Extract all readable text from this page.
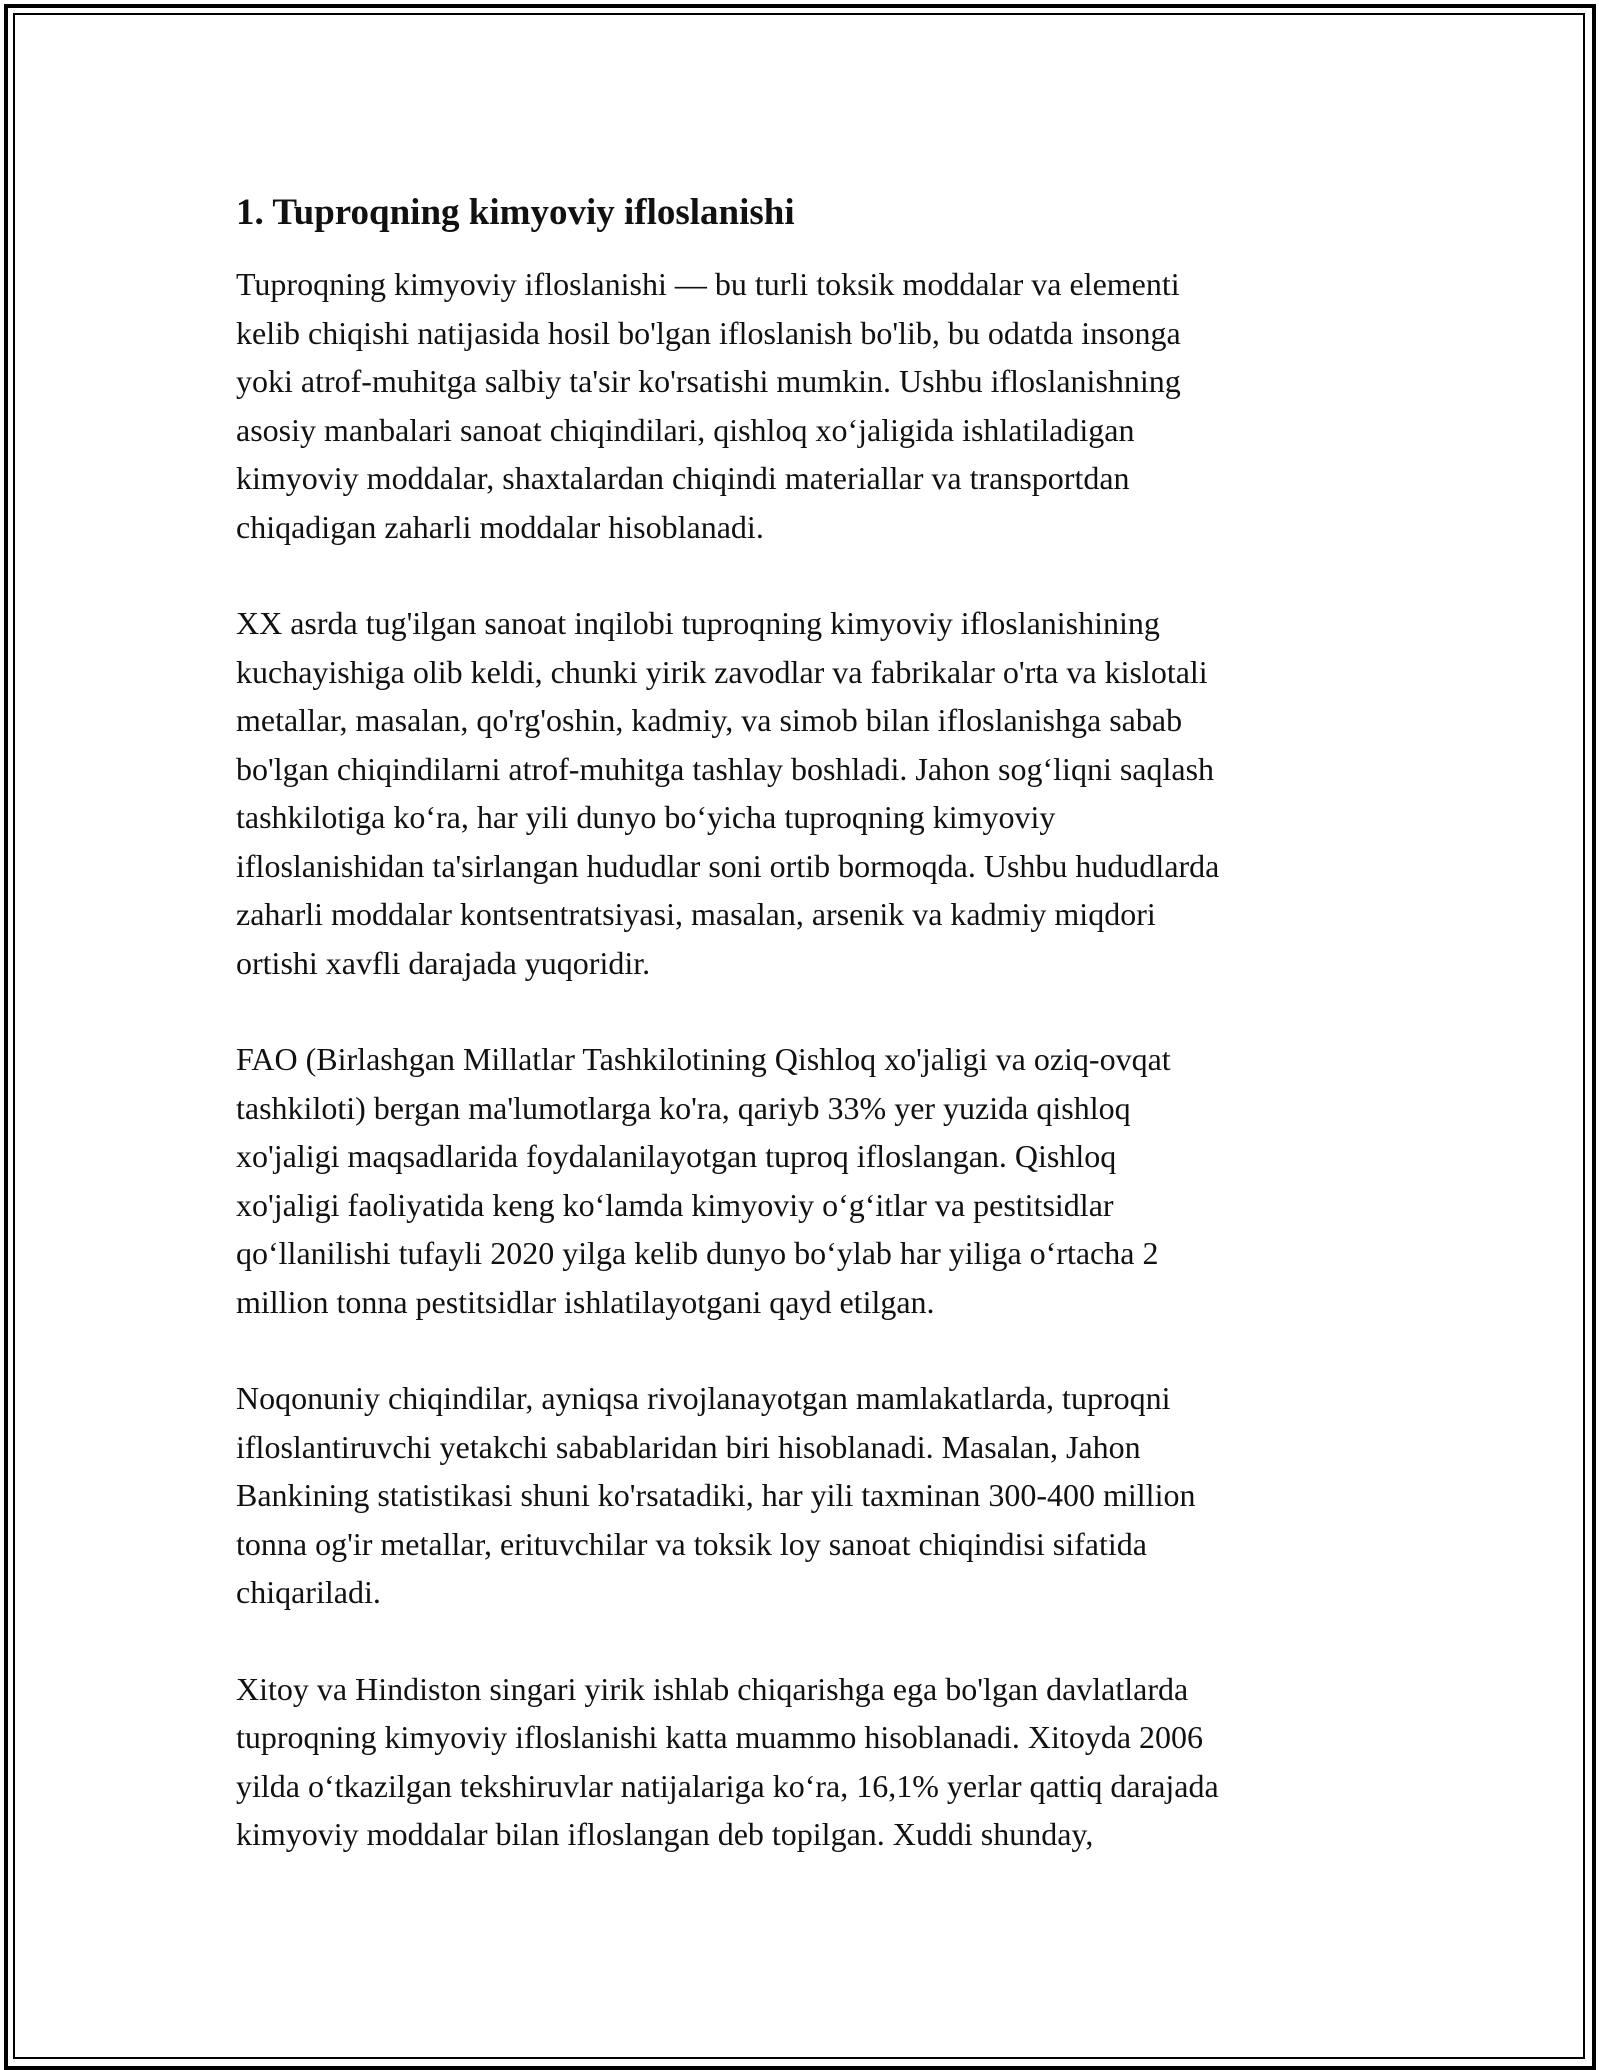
1. Tuproqning kimyoviy ifloslanishi
Tuproqning kimyoviy ifloslanishi — bu turli toksik moddalar va elementi
kelib chiqishi natijasida hosil bo'lgan ifloslanish bo'lib, bu odatda insonga
yoki atrof-muhitga salbiy ta'sir ko'rsatishi mumkin. Ushbu ifloslanishning
asosiy manbalari sanoat chiqindilari, qishloq xo‘jaligida ishlatiladigan
kimyoviy moddalar, shaxtalardan chiqindi materiallar va transportdan
chiqadigan zaharli moddalar hisoblanadi.
XX asrda tug'ilgan sanoat inqilobi tuproqning kimyoviy ifloslanishining
kuchayishiga olib keldi, chunki yirik zavodlar va fabrikalar o'rta va kislotali
metallar, masalan, qo'rg'oshin, kadmiy, va simob bilan ifloslanishga sabab
bo'lgan chiqindilarni atrof-muhitga tashlay boshladi. Jahon sog‘liqni saqlash
tashkilotiga ko‘ra, har yili dunyo bo‘yicha tuproqning kimyoviy
ifloslanishidan ta'sirlangan hududlar soni ortib bormoqda. Ushbu hududlarda
zaharli moddalar kontsentratsiyasi, masalan, arsenik va kadmiy miqdori
ortishi xavfli darajada yuqoridir.
FAO (Birlashgan Millatlar Tashkilotining Qishloq xo'jaligi va oziq-ovqat
tashkiloti) bergan ma'lumotlarga ko'ra, qariyb 33% yer yuzida qishloq
xo'jaligi maqsadlarida foydalanilayotgan tuproq ifloslangan. Qishloq
xo'jaligi faoliyatida keng ko‘lamda kimyoviy o‘g‘itlar va pestitsidlar
qo‘llanilishi tufayli 2020 yilga kelib dunyo bo‘ylab har yiliga o‘rtacha 2
million tonna pestitsidlar ishlatilayotgani qayd etilgan.
Noqonuniy chiqindilar, ayniqsa rivojlanayotgan mamlakatlarda, tuproqni
ifloslantiruvchi yetakchi sabablaridan biri hisoblanadi. Masalan, Jahon
Bankining statistikasi shuni ko'rsatadiki, har yili taxminan 300-400 million
tonna og'ir metallar, erituvchilar va toksik loy sanoat chiqindisi sifatida
chiqariladi.
Xitoy va Hindiston singari yirik ishlab chiqarishga ega bo'lgan davlatlarda
tuproqning kimyoviy ifloslanishi katta muammo hisoblanadi. Xitoyda 2006
yilda o‘tkazilgan tekshiruvlar natijalariga ko‘ra, 16,1% yerlar qattiq darajada
kimyoviy moddalar bilan ifloslangan deb topilgan. Xuddi shunday,
